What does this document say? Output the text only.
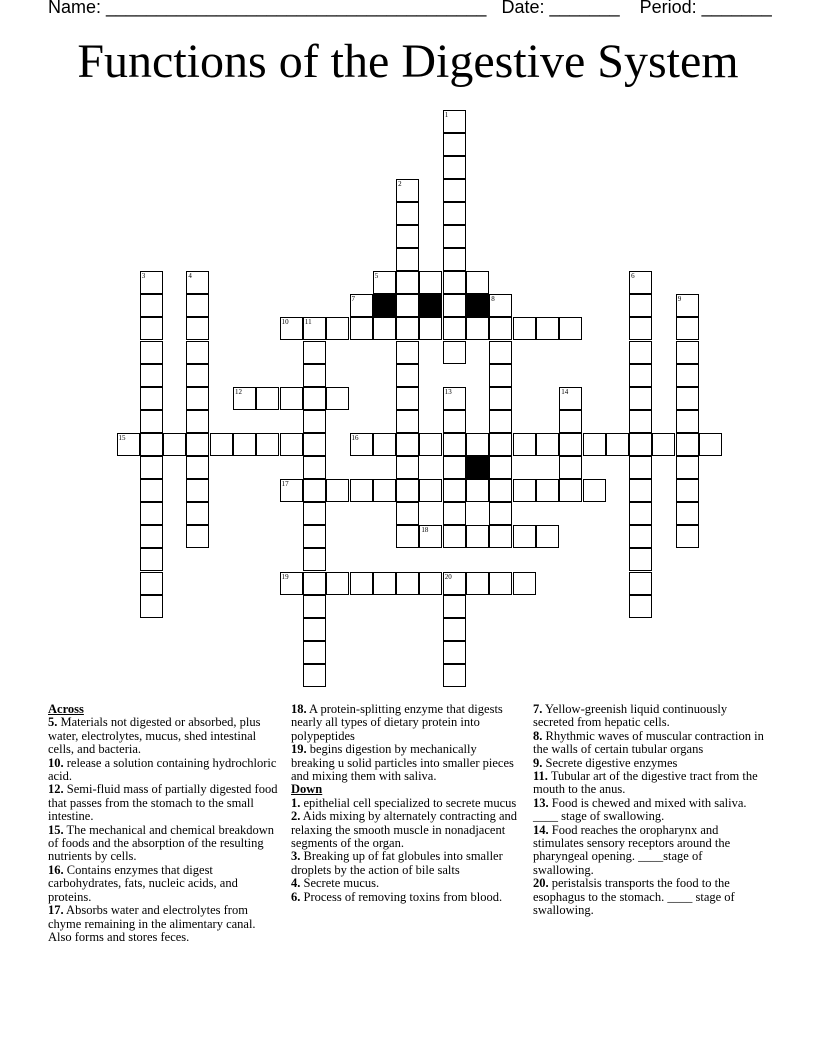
Name: ______________________________________ Date: _______ Period: _______
Functions of the Digestive System
5
7	8
10 11
12
15	16
17
18
19	20
1
2
3	4	6
9
13	14
Across
5. Materials not digested or absorbed, plus water, electrolytes, mucus, shed intestinal cells, and bacteria.
10. release a solution containing hydrochloric acid.
12. Semi-fluid mass of partially digested food that passes from the stomach to the small intestine.
15. The mechanical and chemical breakdown of foods and the absorption of the resulting nutrients by cells.
16. Contains enzymes that digest carbohydrates, fats, nucleic acids, and proteins.
17. Absorbs water and electrolytes from chyme remaining in the alimentary canal. Also forms and stores feces.
18. A protein-splitting enzyme that digests nearly all types of dietary protein into polypeptides
19. begins digestion by mechanically breaking u solid particles into smaller pieces and mixing them with saliva.
Down
1. epithelial cell specialized to secrete mucus
2. Aids mixing by alternately contracting and relaxing the smooth muscle in nonadjacent segments of the organ.
3. Breaking up of fat globules into smaller droplets by the action of bile salts
4. Secrete mucus.
6. Process of removing toxins from blood.
7. Yellow-greenish liquid continuously secreted from hepatic cells.
8. Rhythmic waves of muscular contraction in the walls of certain tubular organs
9. Secrete digestive enzymes
11. Tubular art of the digestive tract from the mouth to the anus.
13. Food is chewed and mixed with saliva. ____ stage of swallowing.
14. Food reaches the oropharynx and stimulates sensory receptors around the pharyngeal opening. ____stage of swallowing.
20. peristalsis transports the food to the esophagus to the stomach. ____ stage of swallowing.
